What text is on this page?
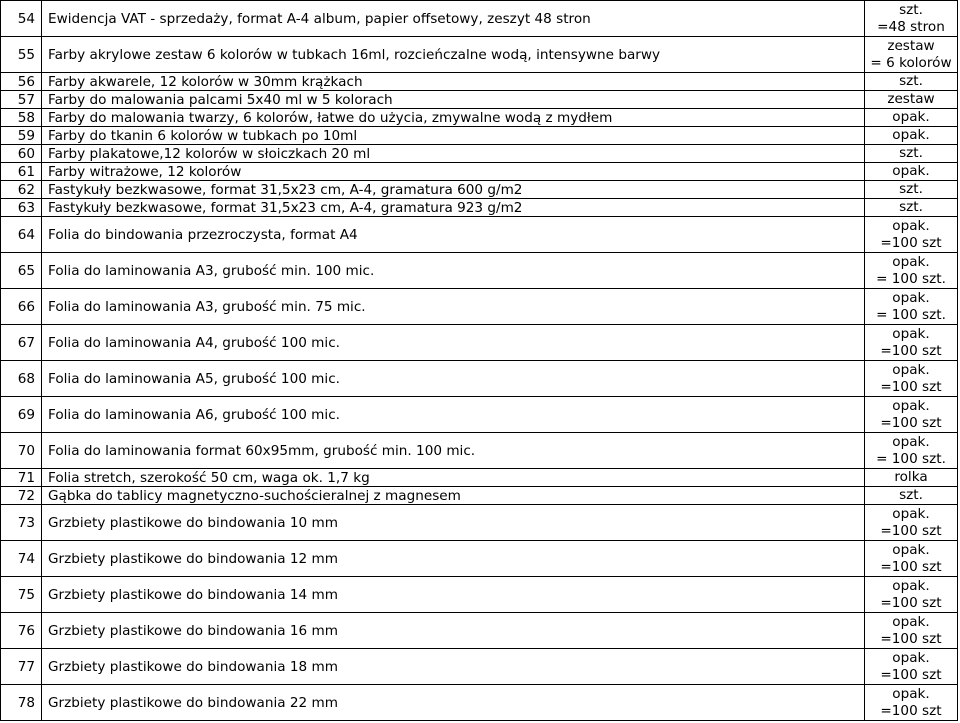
54	Ewidencja VAT - sprzedaży, format A-4 album, papier offsetowy, zeszyt 48 stron	szt.
=48 stron

55	Farby akrylowe zestaw 6 kolorów w tubkach 16ml, rozcieńczalne wodą, intensywne barwy	zestaw
= 6 kolorów

56	Farby akwarele, 12 kolorów w 30mm krążkach	szt.

57	Farby do malowania palcami 5x40 ml w 5 kolorach	zestaw

58	Farby do malowania twarzy, 6 kolorów, łatwe do użycia, zmywalne wodą z mydłem	opak.

59	Farby do tkanin 6 kolorów w tubkach po 10ml	opak.

60	Farby plakatowe,12 kolorów w słoiczkach 20 ml	szt.

61	Farby witrażowe, 12 kolorów	opak.

62	Fastykuły bezkwasowe, format 31,5x23 cm, A-4, gramatura 600 g/m2	szt.

63	Fastykuły bezkwasowe, format 31,5x23 cm, A-4, gramatura 923 g/m2	szt.

64	Folia do bindowania przezroczysta, format A4	opak.
=100 szt

65	Folia do laminowania A3, grubość min. 100 mic.	opak.
= 100 szt.

66	Folia do laminowania A3, grubość min. 75 mic.	opak.
= 100 szt.

67	Folia do laminowania A4, grubość 100 mic.	opak.
=100 szt

68	Folia do laminowania A5, grubość 100 mic.	opak.
=100 szt

69	Folia do laminowania A6, grubość 100 mic.	opak.
=100 szt

70	Folia do laminowania format 60x95mm, grubość min. 100 mic.	opak.
= 100 szt.

71	Folia stretch, szerokość 50 cm, waga ok. 1,7 kg	rolka

72	Gąbka do tablicy magnetyczno-suchościeralnej z magnesem	szt.

73	Grzbiety plastikowe do bindowania 10 mm	opak.
=100 szt

74	Grzbiety plastikowe do bindowania 12 mm	opak.
=100 szt

75	Grzbiety plastikowe do bindowania 14 mm	opak.
=100 szt

76	Grzbiety plastikowe do bindowania 16 mm	opak.
=100 szt

77	Grzbiety plastikowe do bindowania 18 mm	opak.
=100 szt

78	Grzbiety plastikowe do bindowania 22 mm	opak.
=100 szt
